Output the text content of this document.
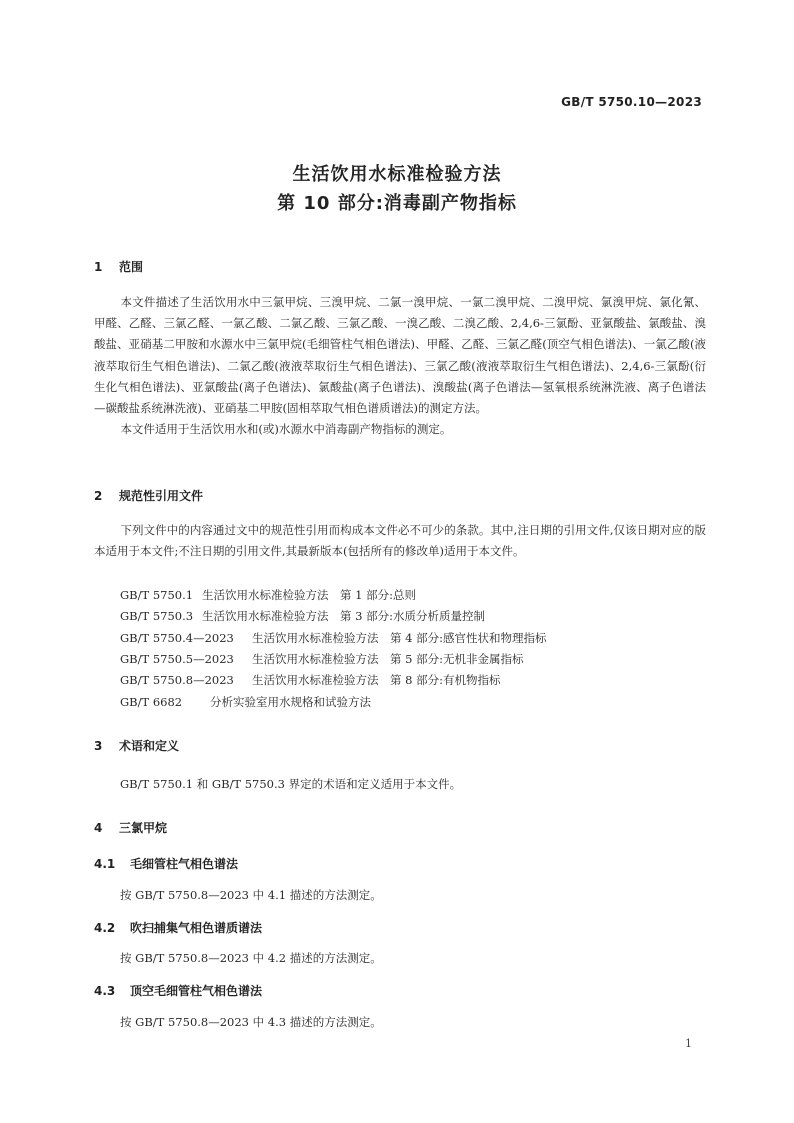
GB/T 5750.10—2023
生活饮用水标准检验方法
第 10 部分:消毒副产物指标
1 范围

本文件描述了生活饮用水中三氯甲烷、三溴甲烷、二氯一溴甲烷、一氯二溴甲烷、二溴甲烷、氯溴甲烷、氯化氰、甲醛、乙醛、三氯乙醛、一氯乙酸、二氯乙酸、三氯乙酸、一溴乙酸、二溴乙酸、2,4,6-三氯酚、亚氯酸盐、氯酸盐、溴酸盐、亚硝基二甲胺和水源水中三氯甲烷(毛细管柱气相色谱法)、甲醛、乙醛、三氯乙醛(顶空气相色谱法)、一氯乙酸(液液萃取衍生气相色谱法)、二氯乙酸(液液萃取衍生气相色谱法)、三氯乙酸(液液萃取衍生气相色谱法)、2,4,6-三氯酚(衍生化气相色谱法)、亚氯酸盐(离子色谱法)、氯酸盐(离子色谱法)、溴酸盐(离子色谱法—氢氧根系统淋洗液、离子色谱法—碳酸盐系统淋洗液)、亚硝基二甲胺(固相萃取气相色谱质谱法)的测定方法。

本文件适用于生活饮用水和(或)水源水中消毒副产物指标的测定。

2 规范性引用文件

下列文件中的内容通过文中的规范性引用而构成本文件必不可少的条款。其中,注日期的引用文件,仅该日期对应的版本适用于本文件;不注日期的引用文件,其最新版本(包括所有的修改单)适用于本文件。

GB/T 5750.1 生活饮用水标准检验方法　第 1 部分:总则
GB/T 5750.3 生活饮用水标准检验方法　第 3 部分:水质分析质量控制
GB/T 5750.4—2023 生活饮用水标准检验方法　第 4 部分:感官性状和物理指标
GB/T 5750.5—2023 生活饮用水标准检验方法　第 5 部分:无机非金属指标
GB/T 5750.8—2023 生活饮用水标准检验方法　第 8 部分:有机物指标
GB/T 6682 分析实验室用水规格和试验方法
3 术语和定义
GB/T 5750.1 和 GB/T 5750.3 界定的术语和定义适用于本文件。
4 三氯甲烷
4.1 毛细管柱气相色谱法
按 GB/T 5750.8—2023 中 4.1 描述的方法测定。
4.2 吹扫捕集气相色谱质谱法
按 GB/T 5750.8—2023 中 4.2 描述的方法测定。
4.3 顶空毛细管柱气相色谱法
按 GB/T 5750.8—2023 中 4.3 描述的方法测定。
1
